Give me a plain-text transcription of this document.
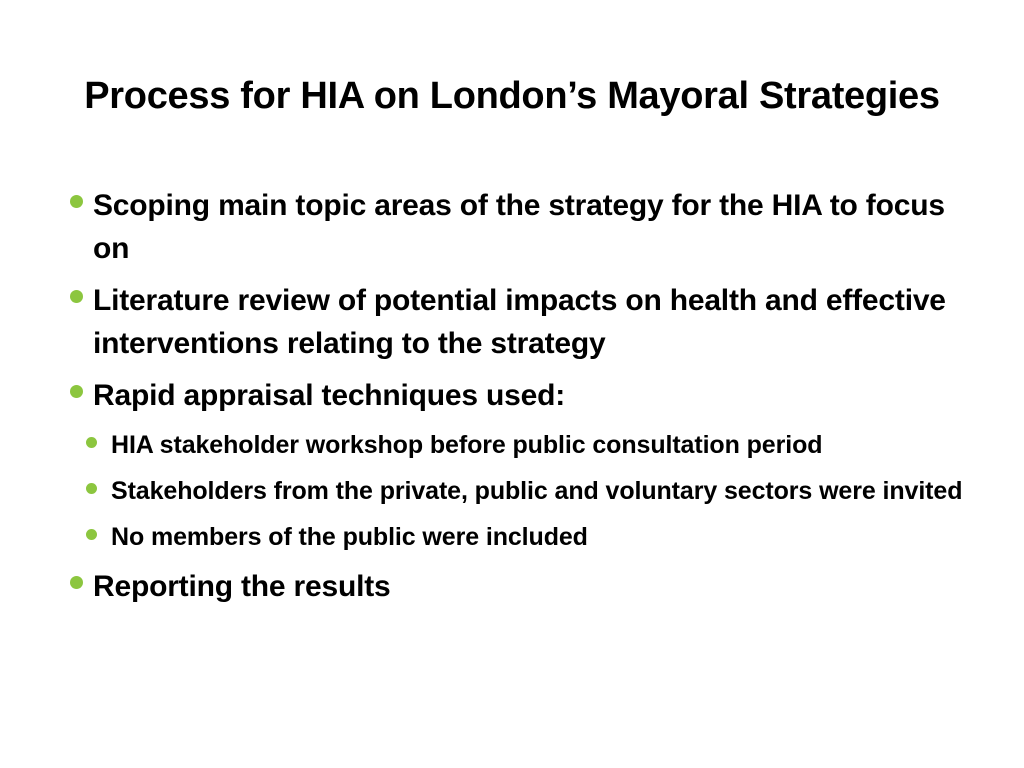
Process for HIA on London’s Mayoral Strategies
Scoping main topic areas of the strategy for the HIA to focus on
Literature review of potential impacts on health and effective interventions relating to the strategy
Rapid appraisal techniques used:
HIA stakeholder workshop before public consultation period
Stakeholders from the private, public and voluntary sectors were invited
No members of the public were included
Reporting the results
